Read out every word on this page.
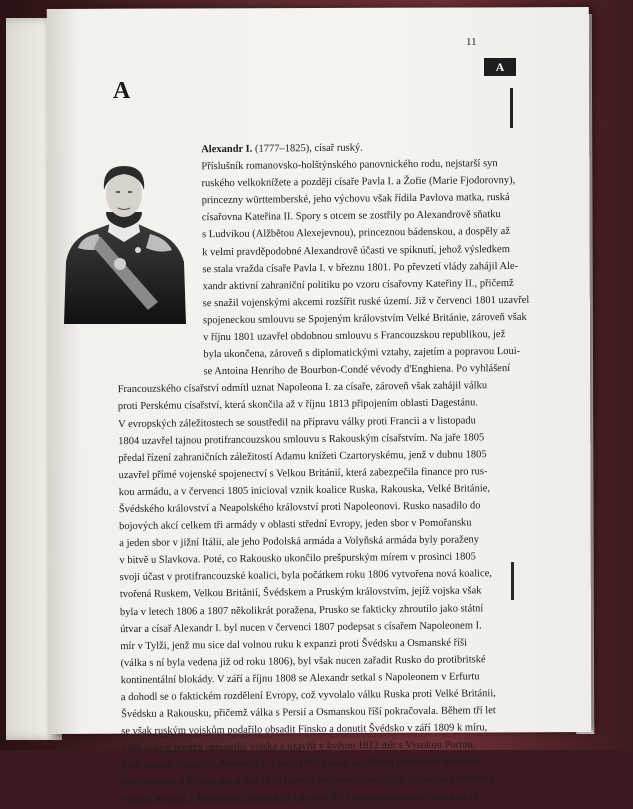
11
A
A
Alexandr I. (1777–1825), císař ruský.
Příslušník romanovsko-holštýnského panovnického rodu, nejstarší syn
ruského velkoknížete a později císaře Pavla I. a Žofie (Marie Fjodorovny),
princezny württemberské, jeho výchovu však řídila Pavlova matka, ruská
císařovna Kateřina II. Spory s otcem se zostřily po Alexandrově sňatku
s Ludvikou (Alžbětou Alexejevnou), princeznou bádenskou, a dospěly až
k velmi pravděpodobné Alexandrově účasti ve spiknutí, jehož výsledkem
se stala vražda císaře Pavla I. v březnu 1801. Po převzetí vlády zahájil Ale-
xandr aktivní zahraniční politiku po vzoru císařovny Kateřiny II., přičemž
se snažil vojenskými akcemi rozšířit ruské území. Již v červenci 1801 uzavřel
spojeneckou smlouvu se Spojeným královstvím Velké Británie, zároveň však
v říjnu 1801 uzavřel obdobnou smlouvu s Francouzskou republikou, jež
byla ukončena, zároveň s diplomatickými vztahy, zajetím a popravou Loui-
se Antoina Henriho de Bourbon-Condé vévody d'Enghiena. Po vyhlášení
Francouzského císařství odmítl uznat Napoleona I. za císaře, zároveň však zahájil válku
proti Perskému císařství, která skončila až v říjnu 1813 připojením oblasti Dagestánu.
V evropských záležitostech se soustředil na přípravu války proti Francii a v listopadu
1804 uzavřel tajnou protifrancouzskou smlouvu s Rakouským císařstvím. Na jaře 1805
předal řízení zahraničních záležitostí Adamu knížeti Czartoryskému, jenž v dubnu 1805
uzavřel přímé vojenské spojenectví s Velkou Británií, která zabezpečila finance pro rus-
kou armádu, a v červenci 1805 inicioval vznik koalice Ruska, Rakouska, Velké Británie,
Švédského království a Neapolského království proti Napoleonovi. Rusko nasadilo do
bojových akcí celkem tři armády v oblasti střední Evropy, jeden sbor v Pomořansku
a jeden sbor v jižní Itálii, ale jeho Podolská armáda a Volyňská armáda byly poraženy
v bitvě u Slavkova. Poté, co Rakousko ukončilo prešpurským mírem v prosinci 1805
svoji účast v protifrancouzské koalici, byla počátkem roku 1806 vytvořena nová koalice,
tvořená Ruskem, Velkou Británií, Švédskem a Pruským královstvím, jejíž vojska však
byla v letech 1806 a 1807 několikrát poražena, Prusko se fakticky zhroutilo jako státní
útvar a císař Alexandr I. byl nucen v červenci 1807 podepsat s císařem Napoleonem I.
mír v Tylži, jenž mu sice dal volnou ruku k expanzi proti Švédsku a Osmanské říši
(válka s ní byla vedena již od roku 1806), byl však nucen zařadit Rusko do protibritské
kontinentální blokády. V září a říjnu 1808 se Alexandr setkal s Napoleonem v Erfurtu
a dohodl se o faktickém rozdělení Evropy, což vyvolalo válku Ruska proti Velké Británii,
Švédsku a Rakousku, přičemž válka s Persií a Osmanskou říší pokračovala. Během tří let
se však ruským vojskům podařilo obsadit Finsko a donutit Švédsko v září 1809 k míru,
a několikrát porazit osmanská vojska a uzavřít v květnu 1812 mír s Vysokou Portou,
jímž získalo Besarábii. Alexandr I. v roce 1810 přestal naplňovat povinnosti kontinen-
tální blokády a během jara a léta 1812 uzavřel spojenectví se svými bývalými protivníky
Velkou Británií a Švédskem, přičemž již od roku 1811 koncentroval svá vojska na zá-
